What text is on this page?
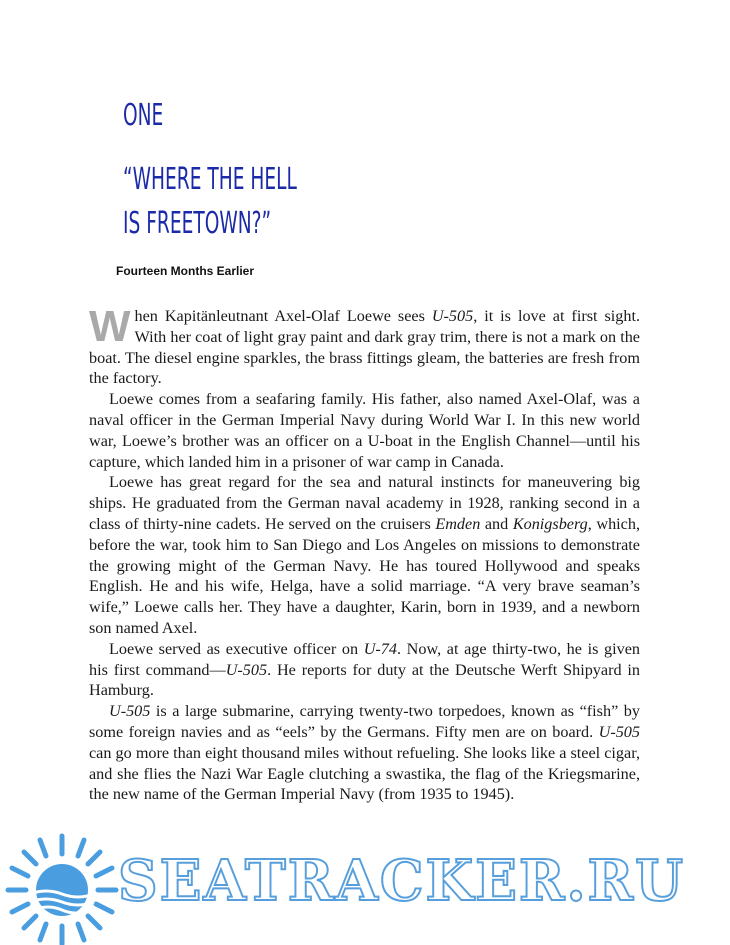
ONE
“WHERE THE HELL
IS FREETOWN?”
Fourteen Months Earlier

When Kapitänleutnant Axel-Olaf Loewe sees U-505, it is love at first sight. With her coat of light gray paint and dark gray trim, there is not a mark on the boat. The diesel engine sparkles, the brass fittings gleam, the batteries are fresh from the factory.

Loewe comes from a seafaring family. His father, also named Axel-Olaf, was a naval officer in the German Imperial Navy during World War I. In this new world war, Loewe’s brother was an officer on a U-boat in the English Channel—until his capture, which landed him in a prisoner of war camp in Canada.

Loewe has great regard for the sea and natural instincts for maneuvering big ships. He graduated from the German naval academy in 1928, ranking second in a class of thirty-nine cadets. He served on the cruisers Emden and Konigsberg, which, before the war, took him to San Diego and Los Angeles on missions to demonstrate the growing might of the German Navy. He has toured Hollywood and speaks English. He and his wife, Helga, have a solid marriage. “A very brave seaman’s wife,” Loewe calls her. They have a daughter, Karin, born in 1939, and a newborn son named Axel.

Loewe served as executive officer on U-74. Now, at age thirty-two, he is given his first command—U-505. He reports for duty at the Deutsche Werft Shipyard in Hamburg.

U-505 is a large submarine, carrying twenty-two torpedoes, known as “fish” by some foreign navies and as “eels” by the Germans. Fifty men are on board. U-505 can go more than eight thousand miles without refueling. She looks like a steel cigar, and she flies the Nazi War Eagle clutching a swastika, the flag of the Kriegsmarine, the new name of the German Imperial Navy (from 1935 to 1945).

SEATRACKER.RU
